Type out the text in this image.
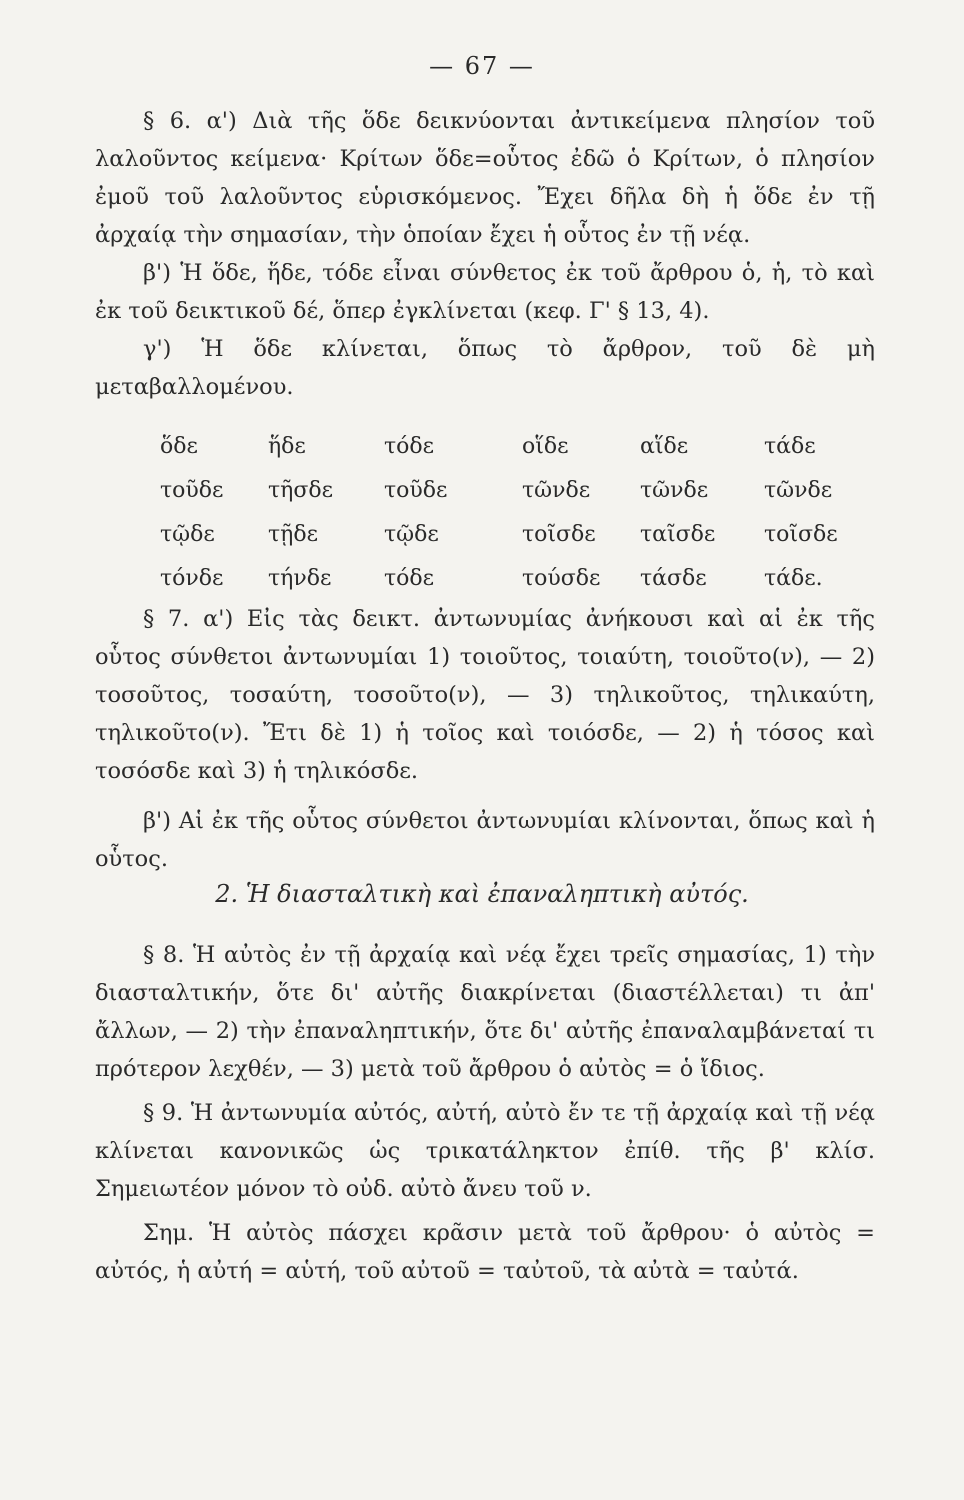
— 67 —

§ 6. α') Διὰ τῆς ὅδε δεικνύονται ἀντικείμενα πλησίον τοῦ λαλοῦντος κείμενα· Κρίτων ὅδε=οὗτος ἐδῶ ὁ Κρίτων, ὁ πλησίον ἐμοῦ τοῦ λαλοῦντος εὑρισκόμενος. Ἔχει δῆλα δὴ ἡ ὅδε ἐν τῇ ἀρχαίᾳ τὴν σημασίαν, τὴν ὁποίαν ἔχει ἡ οὗτος ἐν τῇ νέᾳ.

β') Ἡ ὅδε, ἥδε, τόδε εἶναι σύνθετος ἐκ τοῦ ἄρθρου ὁ, ἡ, τὸ καὶ ἐκ τοῦ δεικτικοῦ δέ, ὅπερ ἐγκλίνεται (κεφ. Γ' § 13, 4).

γ') Ἡ ὅδε κλίνεται, ὅπως τὸ ἄρθρον, τοῦ δὲ μὴ μεταβαλλομένου.

ὅδε	ἥδε	τόδε	οἵδε	αἵδε	τάδε
τοῦδε	τῆσδε	τοῦδε	τῶνδε	τῶνδε	τῶνδε
τῷδε	τῇδε	τῷδε	τοῖσδε	ταῖσδε	τοῖσδε
τόνδε	τήνδε	τόδε	τούσδε	τάσδε	τάδε.

§ 7. α') Εἰς τὰς δεικτ. ἀντωνυμίας ἀνήκουσι καὶ αἱ ἐκ τῆς οὗτος σύνθετοι ἀντωνυμίαι 1) τοιοῦτος, τοιαύτη, τοιοῦτο(ν), — 2) τοσοῦτος, τοσαύτη, τοσοῦτο(ν), — 3) τηλικοῦτος, τηλικαύτη, τηλικοῦτο(ν). Ἔτι δὲ 1) ἡ τοῖος καὶ τοιόσδε, — 2) ἡ τόσος καὶ τοσόσδε καὶ 3) ἡ τηλικόσδε.

β') Αἱ ἐκ τῆς οὗτος σύνθετοι ἀντωνυμίαι κλίνονται, ὅπως καὶ ἡ οὗτος.

2. Ἡ διασταλτικὴ καὶ ἐπαναληπτικὴ αὐτός.

§ 8. Ἡ αὐτὸς ἐν τῇ ἀρχαίᾳ καὶ νέᾳ ἔχει τρεῖς σημασίας, 1) τὴν διασταλτικήν, ὅτε δι' αὐτῆς διακρίνεται (διαστέλλεται) τι ἀπ' ἄλλων, — 2) τὴν ἐπαναληπτικήν, ὅτε δι' αὐτῆς ἐπαναλαμβάνεταί τι πρότερον λεχθέν, — 3) μετὰ τοῦ ἄρθρου ὁ αὐτὸς = ὁ ἴδιος.

§ 9. Ἡ ἀντωνυμία αὐτός, αὐτή, αὐτὸ ἔν τε τῇ ἀρχαίᾳ καὶ τῇ νέᾳ κλίνεται κανονικῶς ὡς τρικατάληκτον ἐπίθ. τῆς β' κλίσ. Σημειωτέον μόνον τὸ οὐδ. αὐτὸ ἄνευ τοῦ ν.

Σημ. Ἡ αὐτὸς πάσχει κρᾶσιν μετὰ τοῦ ἄρθρου· ὁ αὐτὸς = αὐτός, ἡ αὐτή = αὑτή, τοῦ αὐτοῦ = ταὐτοῦ, τὰ αὐτὰ = ταὐτά.
